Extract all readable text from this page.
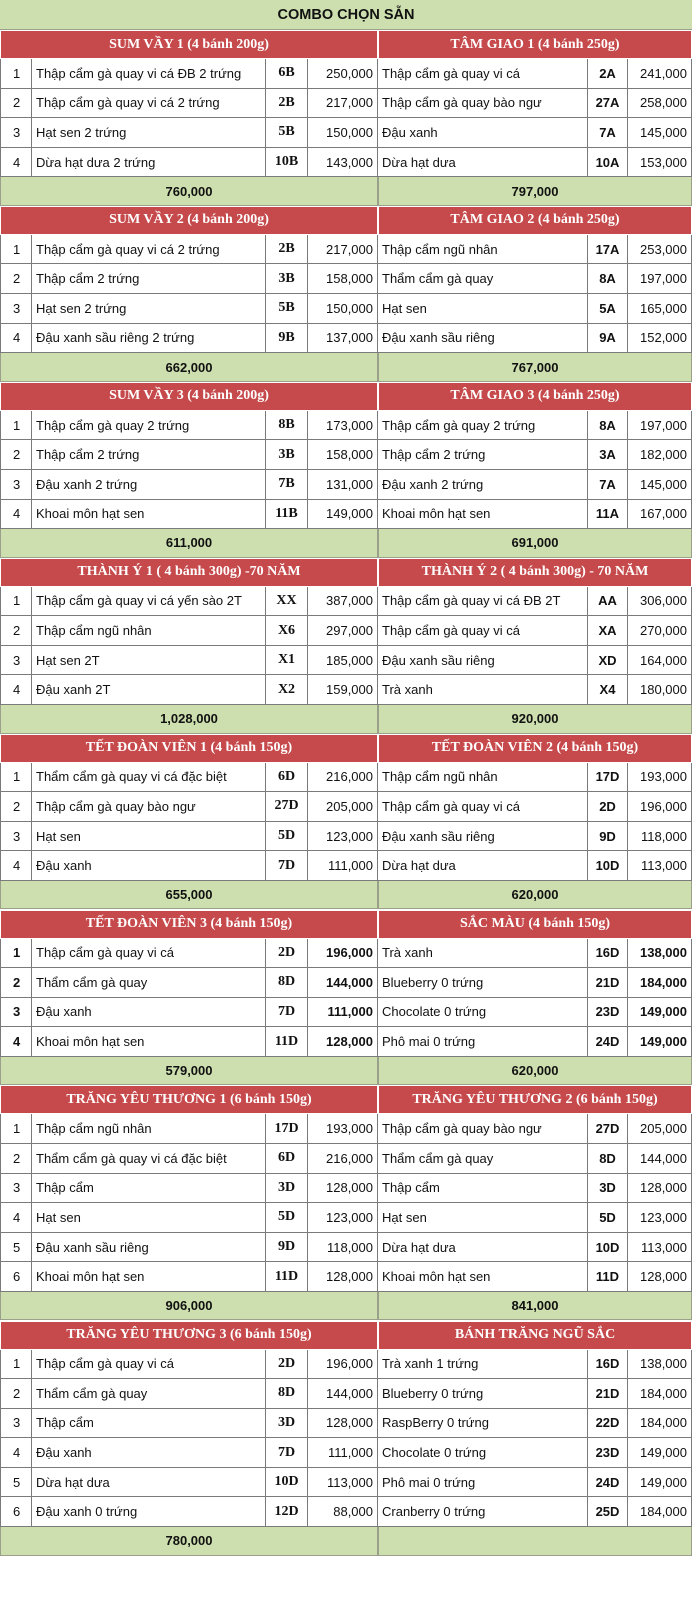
COMBO CHỌN SẴN
SUM VẦY 1 (4 bánh 200g)	TÂM GIAO 1 (4 bánh 250g)
1	Thập cẩm gà quay vi cá ĐB 2 trứng	6B	250,000 Thập cẩm gà quay vi cá	2A	241,000
2	Thập cẩm gà quay vi cá 2 trứng	2B	217,000 Thập cẩm gà quay bào ngư	27A	258,000
3	Hạt sen 2 trứng	5B	150,000 Đậu xanh	7A	145,000
4	Dừa hạt dưa 2 trứng	10B	143,000 Dừa hạt dưa	10A	153,000
760,000	797,000
SUM VẦY 2 (4 bánh 200g)	TÂM GIAO 2 (4 bánh 250g)
1	Thập cẩm gà quay vi cá 2 trứng	2B	217,000 Thập cẩm ngũ nhân	17A	253,000
2	Thập cẩm 2 trứng	3B	158,000 Thẩm cẩm gà quay	8A	197,000
3	Hạt sen 2 trứng	5B	150,000 Hạt sen	5A	165,000
4	Đậu xanh sầu riêng 2 trứng	9B	137,000 Đậu xanh sầu riêng	9A	152,000
662,000	767,000
SUM VẦY 3 (4 bánh 200g)	TÂM GIAO 3 (4 bánh 250g)
1	Thập cẩm gà quay 2 trứng	8B	173,000 Thập cẩm gà quay 2 trứng	8A	197,000
2	Thập cẩm 2 trứng	3B	158,000 Thập cẩm 2 trứng	3A	182,000
3	Đậu xanh 2 trứng	7B	131,000 Đậu xanh 2 trứng	7A	145,000
4	Khoai môn hạt sen	11B	149,000 Khoai môn hạt sen	11A	167,000
611,000	691,000
THÀNH Ý 1 ( 4 bánh 300g) -70 NĂM	THÀNH Ý 2 ( 4 bánh 300g) - 70 NĂM
1	Thập cẩm gà quay vi cá yến sào 2T	XX	387,000 Thập cẩm gà quay vi cá ĐB 2T	AA	306,000
2	Thập cẩm ngũ nhân	X6	297,000 Thập cẩm gà quay vi cá	XA	270,000
3	Hạt sen 2T	X1	185,000 Đậu xanh sầu riêng	XD	164,000
4	Đậu xanh 2T	X2	159,000 Trà xanh	X4	180,000
1,028,000	920,000
TẾT ĐOÀN VIÊN 1 (4 bánh 150g)	TẾT ĐOÀN VIÊN 2 (4 bánh 150g)
1	Thẩm cẩm gà quay vi cá đặc biệt	6D	216,000 Thập cẩm ngũ nhân	17D	193,000
2	Thập cẩm gà quay bào ngư	27D	205,000 Thập cẩm gà quay vi cá	2D	196,000
3	Hạt sen	5D	123,000 Đậu xanh sầu riêng	9D	118,000
4	Đậu xanh	7D	111,000 Dừa hạt dưa	10D	113,000
655,000	620,000
TẾT ĐOÀN VIÊN 3 (4 bánh 150g)	SẮC MÀU (4 bánh 150g)
1	Thập cẩm gà quay vi cá	2D	196,000 Trà xanh	16D	138,000
2	Thẩm cẩm gà quay	8D	144,000 Blueberry 0 trứng	21D	184,000
3	Đậu xanh	7D	111,000 Chocolate 0 trứng	23D	149,000
4	Khoai môn hạt sen	11D	128,000 Phô mai 0 trứng	24D	149,000
579,000	620,000
TRĂNG YÊU THƯƠNG 1 (6 bánh 150g)	TRĂNG YÊU THƯƠNG 2 (6 bánh 150g)
1	Thập cẩm ngũ nhân	17D	193,000 Thập cẩm gà quay bào ngư	27D	205,000
2	Thẩm cẩm gà quay vi cá đặc biệt	6D	216,000 Thẩm cẩm gà quay	8D	144,000
3	Thập cẩm	3D	128,000 Thập cẩm	3D	128,000
4	Hạt sen	5D	123,000 Hạt sen	5D	123,000
5	Đậu xanh sầu riêng	9D	118,000 Dừa hạt dưa	10D	113,000
6	Khoai môn hạt sen	11D	128,000 Khoai môn hạt sen	11D	128,000
906,000	841,000
TRĂNG YÊU THƯƠNG 3 (6 bánh 150g)	BÁNH TRĂNG NGŨ SẮC
1	Thập cẩm gà quay vi cá	2D	196,000 Trà xanh 1 trứng	16D	138,000
2	Thẩm cẩm gà quay	8D	144,000 Blueberry 0 trứng	21D	184,000
3	Thập cẩm	3D	128,000 RaspBerry 0 trứng	22D	184,000
4	Đậu xanh	7D	111,000 Chocolate 0 trứng	23D	149,000
5	Dừa hạt dưa	10D	113,000 Phô mai 0 trứng	24D	149,000
6	Đậu xanh 0 trứng	12D	88,000 Cranberry 0 trứng	25D	184,000
780,000
